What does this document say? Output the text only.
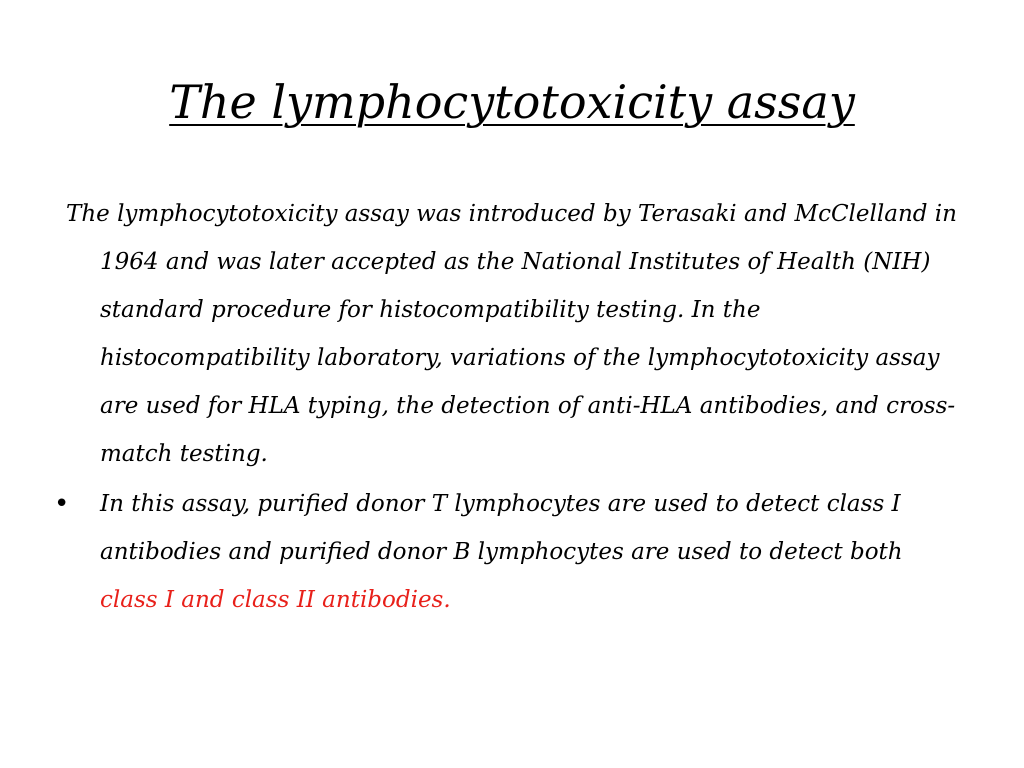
The lymphocytotoxicity assay

The lymphocytotoxicity assay was introduced by Terasaki and McClelland in 1964 and was later accepted as the National Institutes of Health (NIH) standard procedure for histocompatibility testing. In the histocompatibility laboratory, variations of the lymphocytotoxicity assay are used for HLA typing, the detection of anti-HLA antibodies, and cross-match testing.

• In this assay, purified donor T lymphocytes are used to detect class I antibodies and purified donor B lymphocytes are used to detect both class I and class II antibodies.
